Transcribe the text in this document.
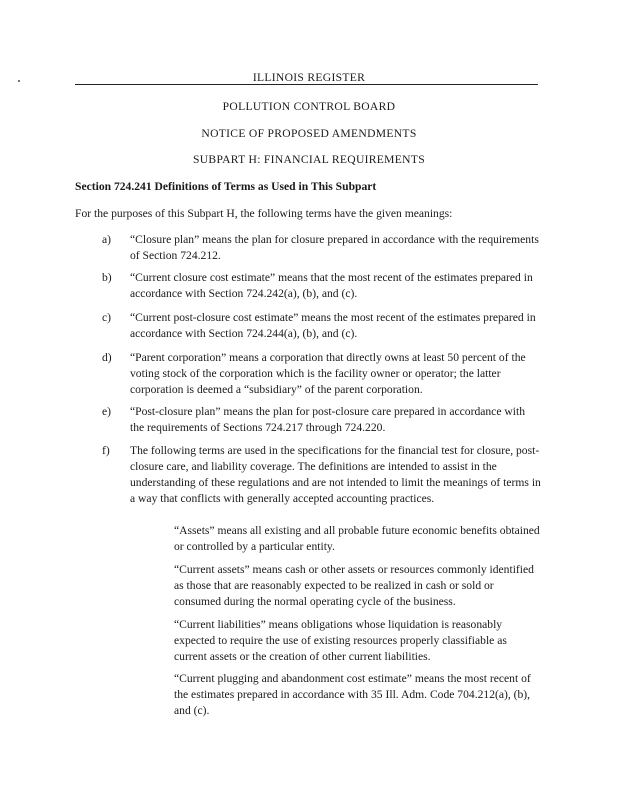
ILLINOIS REGISTER
POLLUTION CONTROL BOARD
NOTICE OF PROPOSED AMENDMENTS
SUBPART H: FINANCIAL REQUIREMENTS
Section 724.241 Definitions of Terms as Used in This Subpart
For the purposes of this Subpart H, the following terms have the given meanings:
a)	“Closure plan” means the plan for closure prepared in accordance with the requirements of Section 724.212.
b)	“Current closure cost estimate” means that the most recent of the estimates prepared in accordance with Section 724.242(a), (b), and (c).
c)	“Current post-closure cost estimate” means the most recent of the estimates prepared in accordance with Section 724.244(a), (b), and (c).
d)	“Parent corporation” means a corporation that directly owns at least 50 percent of the voting stock of the corporation which is the facility owner or operator; the latter corporation is deemed a “subsidiary” of the parent corporation.
e)	“Post-closure plan” means the plan for post-closure care prepared in accordance with the requirements of Sections 724.217 through 724.220.
f)	The following terms are used in the specifications for the financial test for closure, post-closure care, and liability coverage. The definitions are intended to assist in the understanding of these regulations and are not intended to limit the meanings of terms in a way that conflicts with generally accepted accounting practices.
“Assets” means all existing and all probable future economic benefits obtained or controlled by a particular entity.
“Current assets” means cash or other assets or resources commonly identified as those that are reasonably expected to be realized in cash or sold or consumed during the normal operating cycle of the business.
“Current liabilities” means obligations whose liquidation is reasonably expected to require the use of existing resources properly classifiable as current assets or the creation of other current liabilities.
“Current plugging and abandonment cost estimate” means the most recent of the estimates prepared in accordance with 35 Ill. Adm. Code 704.212(a), (b), and (c).
